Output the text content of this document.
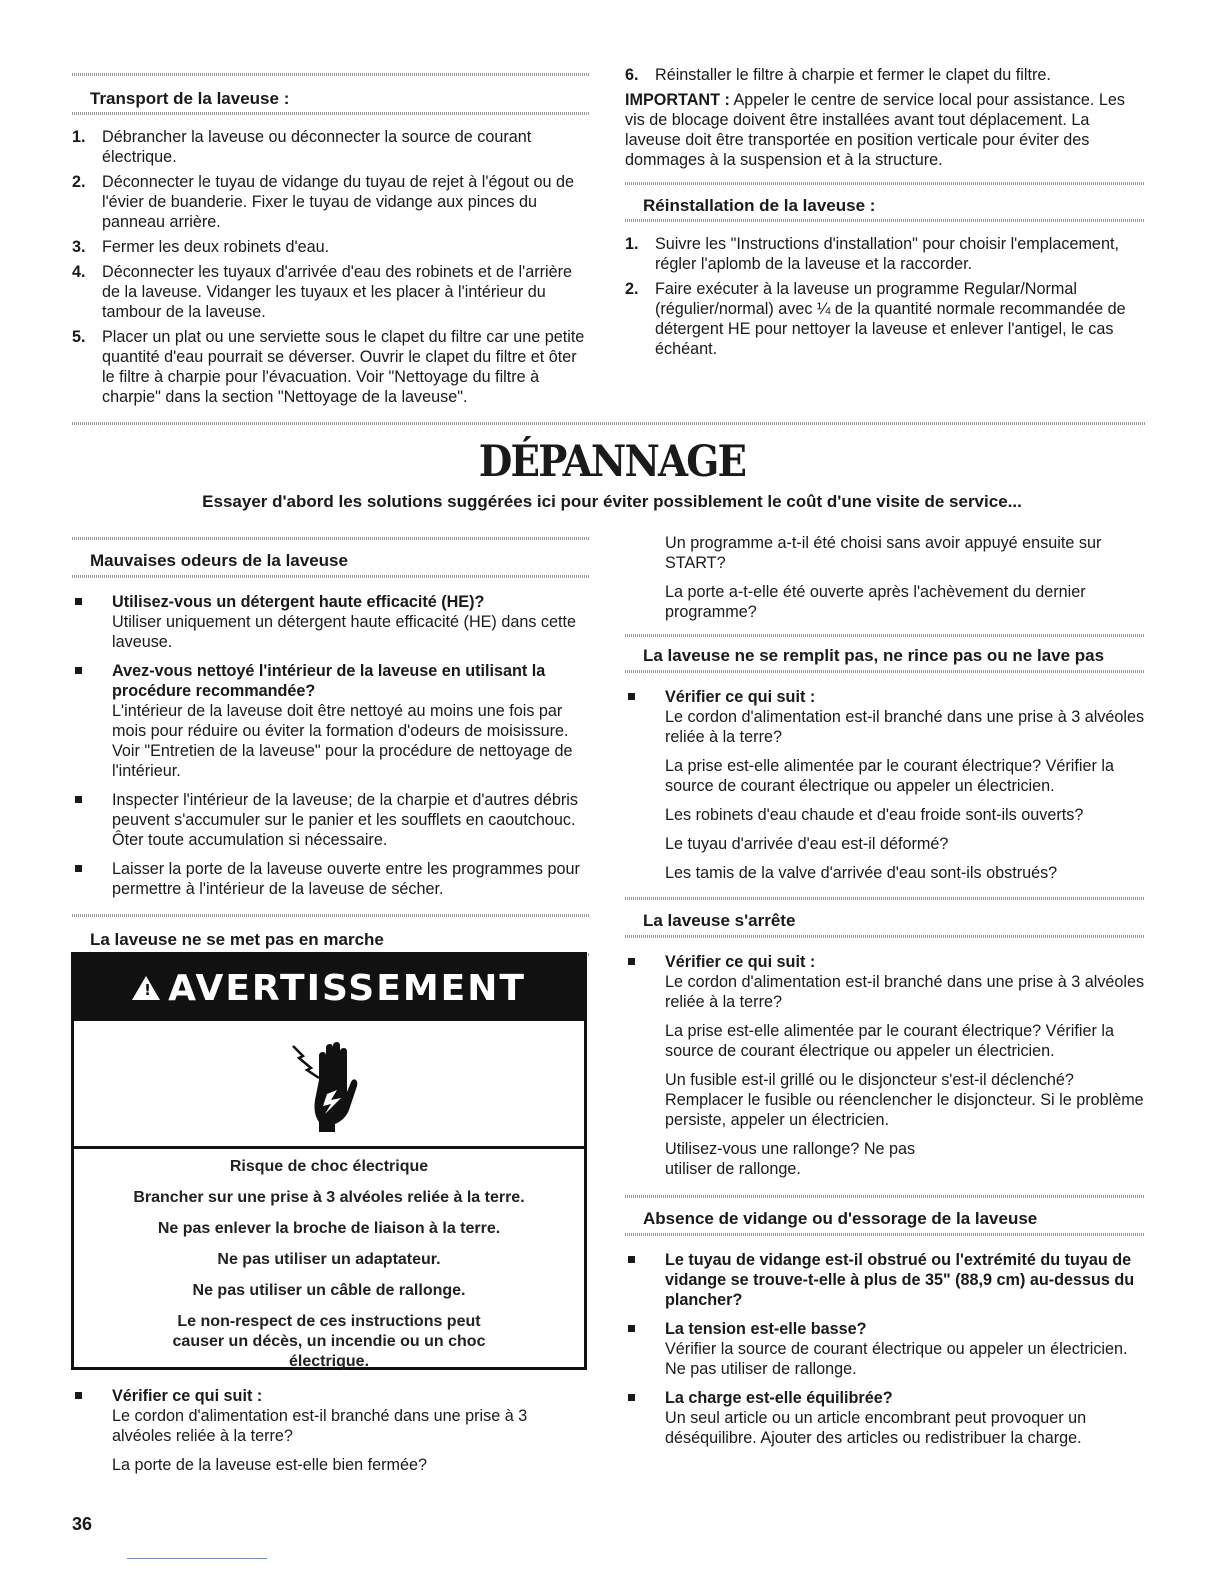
Transport de la laveuse :
1. Débrancher la laveuse ou déconnecter la source de courant électrique.
2. Déconnecter le tuyau de vidange du tuyau de rejet à l'égout ou de l'évier de buanderie. Fixer le tuyau de vidange aux pinces du panneau arrière.
3. Fermer les deux robinets d'eau.
4. Déconnecter les tuyaux d'arrivée d'eau des robinets et de l'arrière de la laveuse. Vidanger les tuyaux et les placer à l'intérieur du tambour de la laveuse.
5. Placer un plat ou une serviette sous le clapet du filtre car une petite quantité d'eau pourrait se déverser. Ouvrir le clapet du filtre et ôter le filtre à charpie pour l'évacuation. Voir "Nettoyage du filtre à charpie" dans la section "Nettoyage de la laveuse".
6. Réinstaller le filtre à charpie et fermer le clapet du filtre.

IMPORTANT : Appeler le centre de service local pour assistance. Les vis de blocage doivent être installées avant tout déplacement. La laveuse doit être transportée en position verticale pour éviter des dommages à la suspension et à la structure.

Réinstallation de la laveuse :
1. Suivre les "Instructions d'installation" pour choisir l'emplacement, régler l'aplomb de la laveuse et la raccorder.
2. Faire exécuter à la laveuse un programme Regular/Normal (régulier/normal) avec ¼ de la quantité normale recommandée de détergent HE pour nettoyer la laveuse et enlever l'antigel, le cas échéant.
DÉPANNAGE
Essayer d'abord les solutions suggérées ici pour éviter possiblement le coût d'une visite de service...
Mauvaises odeurs de la laveuse
Utilisez-vous un détergent haute efficacité (HE)?
Utiliser uniquement un détergent haute efficacité (HE) dans cette laveuse.
Avez-vous nettoyé l'intérieur de la laveuse en utilisant la procédure recommandée?
L'intérieur de la laveuse doit être nettoyé au moins une fois par mois pour réduire ou éviter la formation d'odeurs de moisissure. Voir "Entretien de la laveuse" pour la procédure de nettoyage de l'intérieur.
Inspecter l'intérieur de la laveuse; de la charpie et d'autres débris peuvent s'accumuler sur le panier et les soufflets en caoutchouc. Ôter toute accumulation si nécessaire.
Laisser la porte de la laveuse ouverte entre les programmes pour permettre à l'intérieur de la laveuse de sécher.
La laveuse ne se met pas en marche
! AVERTISSEMENT

Risque de choc électrique

Brancher sur une prise à 3 alvéoles reliée à la terre.

Ne pas enlever la broche de liaison à la terre.

Ne pas utiliser un adaptateur.

Ne pas utiliser un câble de rallonge.

Le non-respect de ces instructions peut causer un décès, un incendie ou un choc électrique.

Vérifier ce qui suit :
Le cordon d'alimentation est-il branché dans une prise à 3 alvéoles reliée à la terre?

La porte de la laveuse est-elle bien fermée?

Un programme a-t-il été choisi sans avoir appuyé ensuite sur START?

La porte a-t-elle été ouverte après l'achèvement du dernier programme?

La laveuse ne se remplit pas, ne rince pas ou ne lave pas
Vérifier ce qui suit :
Le cordon d'alimentation est-il branché dans une prise à 3 alvéoles reliée à la terre?

La prise est-elle alimentée par le courant électrique? Vérifier la source de courant électrique ou appeler un électricien.

Les robinets d'eau chaude et d'eau froide sont-ils ouverts?

Le tuyau d'arrivée d'eau est-il déformé?

Les tamis de la valve d'arrivée d'eau sont-ils obstrués?

La laveuse s'arrête
Vérifier ce qui suit :
Le cordon d'alimentation est-il branché dans une prise à 3 alvéoles reliée à la terre?

La prise est-elle alimentée par le courant électrique? Vérifier la source de courant électrique ou appeler un électricien.

Un fusible est-il grillé ou le disjoncteur s'est-il déclenché? Remplacer le fusible ou réenclencher le disjoncteur. Si le problème persiste, appeler un électricien.

Utilisez-vous une rallonge? Ne pas utiliser de rallonge.

Absence de vidange ou d'essorage de la laveuse
Le tuyau de vidange est-il obstrué ou l'extrémité du tuyau de vidange se trouve-t-elle à plus de 35" (88,9 cm) au-dessus du plancher?
La tension est-elle basse?
Vérifier la source de courant électrique ou appeler un électricien. Ne pas utiliser de rallonge.
La charge est-elle équilibrée?
Un seul article ou un article encombrant peut provoquer un déséquilibre. Ajouter des articles ou redistribuer la charge.
36
